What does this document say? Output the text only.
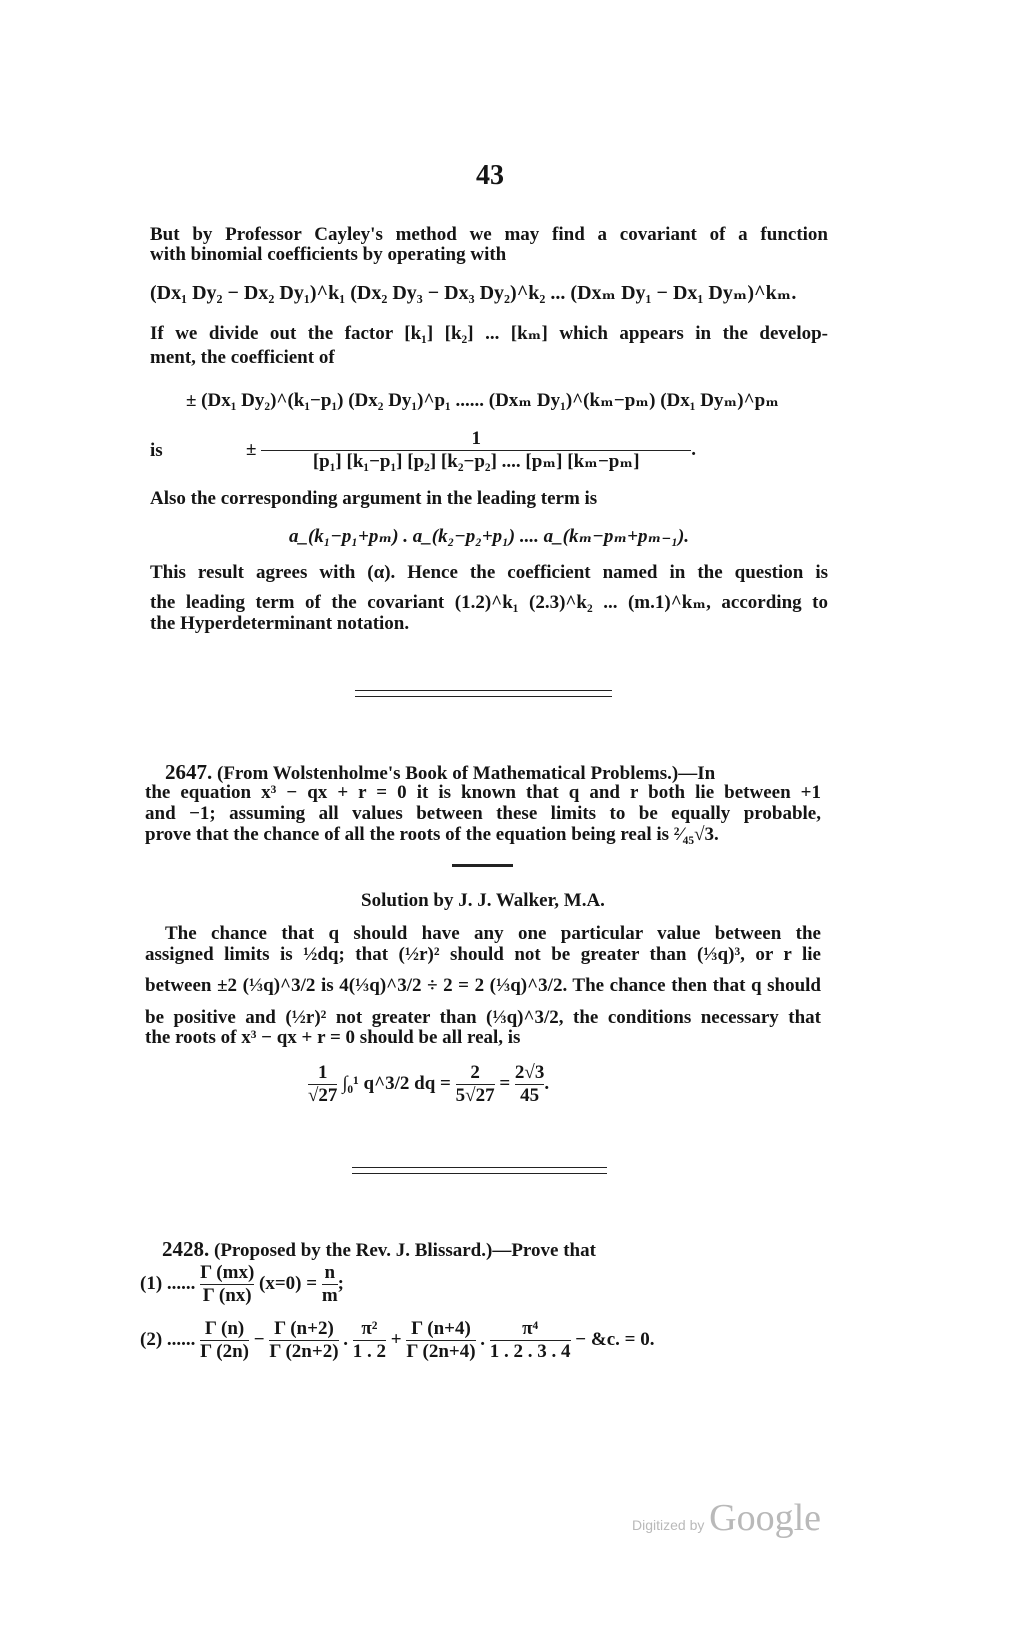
43
But by Professor Cayley's method we may find a covariant of a function
with binomial coefficients by operating with
(Dx₁ Dy₂ − Dx₂ Dy₁)^k₁ (Dx₂ Dy₃ − Dx₃ Dy₂)^k₂ ... (Dxₘ Dy₁ − Dx₁ Dyₘ)^kₘ.
If we divide out the factor [k₁] [k₂] ... [kₘ] which appears in the develop-
ment, the coefficient of
± (Dx₁ Dy₂)^(k₁−p₁) (Dx₂ Dy₁)^p₁ ...... (Dxₘ Dy₁)^(kₘ−pₘ) (Dx₁ Dyₘ)^pₘ
is	± $\frac{1}{\text{[p₁] [k₁−p₁] [p₂] [k₂−p₂] .... [pₘ] [kₘ−pₘ]}}$ .
Also the corresponding argument in the leading term is
a_(k₁−p₁+pₘ) . a_(k₂−p₂+p₁) .... a_(kₘ−pₘ+pₘ₋₁).
This result agrees with (α). Hence the coefficient named in the question is
the leading term of the covariant (1.2)^k₁ (2.3)^k₂ ... (m.1)^kₘ, according to
the Hyperdeterminant notation.
2647. (From Wolstenholme's Book of Mathematical Problems.)—In
the equation x³ − qx + r = 0 it is known that q and r both lie between +1
and −1; assuming all values between these limits to be equally probable,
prove that the chance of all the roots of the equation being real is ²⁄₄₅√3.
Solution by J. J. Walker, M.A.
The chance that q should have any one particular value between the
assigned limits is ½dq; that (½r)² should not be greater than (⅓q)³, or r lie
between ±2 (⅓q)^3/2 is 4(⅓q)^3/2 ÷ 2 = 2 (⅓q)^3/2. The chance then that q should
be positive and (½r)² not greater than (⅓q)^3/2, the conditions necessary that
the roots of x³ − qx + r = 0 should be all real, is
$\frac{1}{√27} \int_0^1$ q^3/2 dq = $\frac{2}{5√27} = \frac{2√3}{45}$ .
2428. (Proposed by the Rev. J. Blissard.)—Prove that
(1) ...... $\frac{\Gamma (mx)}{\Gamma (nx)} (x=0) = \frac{n}{m}$ ;
(2) ...... $\frac{\Gamma (n)}{\Gamma (2n)} - \frac{\Gamma (n+2)}{\Gamma (2n+2)}$ . $\frac{\text{π²}}{1 . 2} + \frac{\Gamma (n+4)}{\Gamma (2n+4)}$ . $\frac{\text{π⁴}}{1 . 2 . 3 . 4}$ − &c. = 0.
Digitized by Google
